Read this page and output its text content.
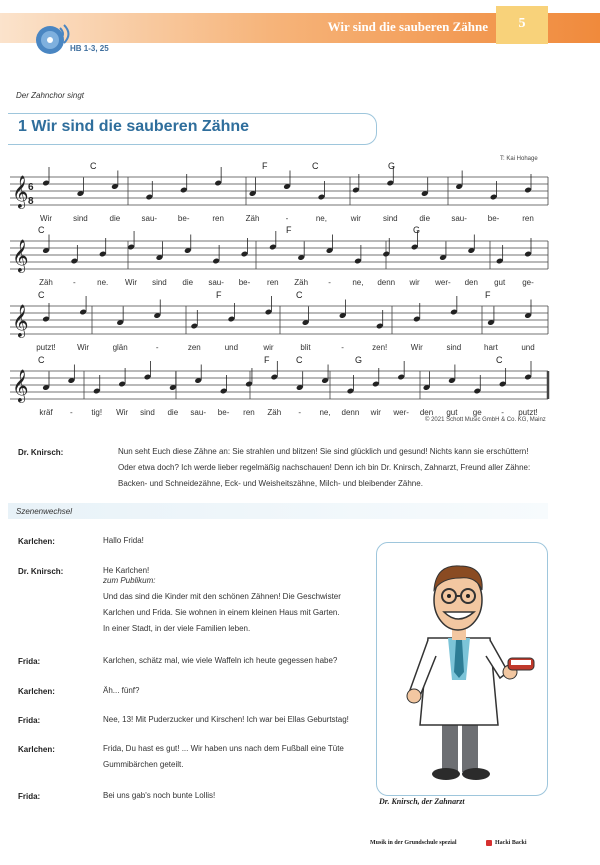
Wir sind die sauberen Zähne	5
HB 1-3, 25
Der Zahnchor singt
1 Wir sind die sauberen Zähne
T: Kai Hohage
𝄞 6
8
C	F	C	G
Wir	sind	die	sau-	be-	ren	Zäh	-	ne,	wir	sind	die	sau-	be-	ren
𝄞
C	F	G
Zäh	-	ne. Wir sind die sau- be- ren Zäh	-	ne, denn wir wer- den gut ge-
𝄞
C	F	C	F
putzt!	Wir	glän	-	zen	und	wir	blit	-	zen!	Wir	sind	hart	und
𝄞
C	F	C	G	C
kräf - tig! Wir sind die sau- be- ren Zäh - ne, denn wir wer- den gut ge - putzt!
© 2021 Schott Music GmbH & Co. KG, Mainz
Dr. Knirsch:	Nun seht Euch diese Zähne an: Sie strahlen und blitzen! Sie sind glücklich und gesund! Nichts kann sie erschüttern!
Oder etwa doch? Ich werde lieber regelmäßig nachschauen! Denn ich bin Dr. Knirsch, Zahnarzt, Freund aller Zähne:
Backen- und Schneidezähne, Eck- und Weisheitszähne, Milch- und bleibender Zähne.
Szenenwechsel
Karlchen:	Hallo Frida!
Dr. Knirsch:	He Karlchen!
zum Publikum:
Und das sind die Kinder mit den schönen Zähnen! Die Geschwister
Karlchen und Frida. Sie wohnen in einem kleinen Haus mit Garten.
In einer Stadt, in der viele Familien leben.
Frida:	Karlchen, schätz mal, wie viele Waffeln ich heute gegessen habe?
Karlchen:	Äh... fünf?
Frida:	Nee, 13! Mit Puderzucker und Kirschen! Ich war bei Ellas Geburtstag!
Karlchen:	Frida, Du hast es gut! ... Wir haben uns nach dem Fußball eine Tüte
Gummibärchen geteilt.
Frida:	Bei uns gab's noch bunte Lollis!
Dr. Knirsch, der Zahnarzt
Musik in der Grundschule spezial	Hacki Backi
